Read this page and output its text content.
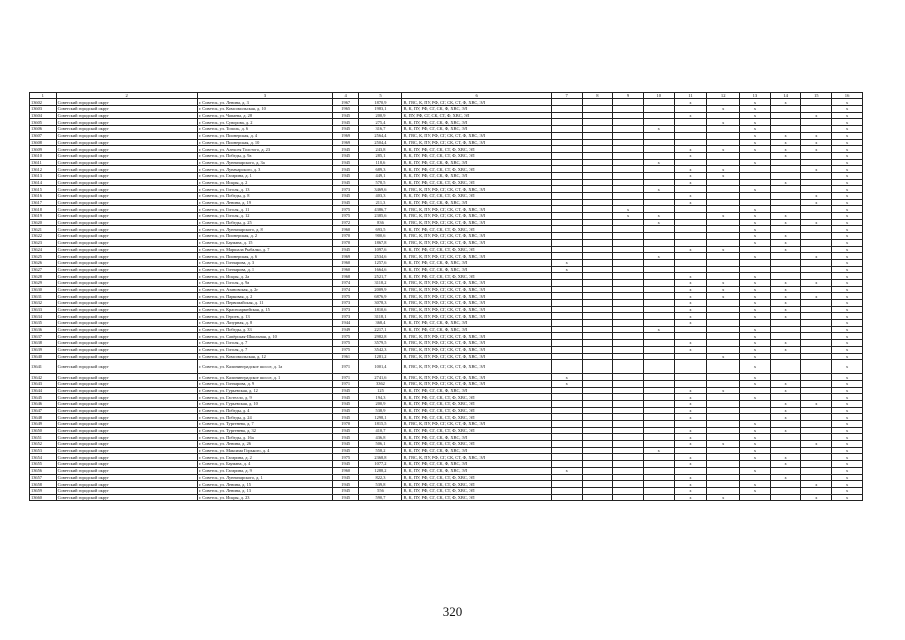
1	2	3	4	5	6	7	8	9	10	11	12	13	14	15	16
13602	Советский городской округ	г. Советск, ул. Ленина, д. 3	1967	1870,9	В, ГВС, К, ПУ, РФ, СГ, СК, СТ, Ф, ХВС, ЭЛ					x		x	x		x
13603	Советский городской округ	г. Советск, ул. Комсомольская, д. 10	1965	1983,1	В, К, ПУ, РФ, СГ, СК, Ф, ХВС, ЭЛ						x	x			x
13604	Советский городской округ	г. Советск, ул. Чапаева, д. 28	1945	200,9	К, ПУ, РФ, СГ, СК, СТ, Ф, ХВС, ЭЛ					x		x		x	x
13605	Советский городской округ	г. Советск, ул. Суворова, д. 2	1945	275,4	В, К, ПУ, РФ, СГ, СК, Ф, ХВС, ЭЛ						x	x			x
13606	Советский городской округ	г. Советск, ул. Тополь, д. 6	1945	316,7	В, К, ПУ, РФ, СГ, СК, Ф, ХВС, ЭЛ				x			x			x
13607	Советский городской округ	г. Советск, ул. Пионерская, д. 4	1969	2564,4	В, ГВС, К, ПУ, РФ, СГ, СК, СТ, Ф, ХВС, ЭЛ							x	x	x	x
13608	Советский городской округ	г. Советск, ул. Пионерская, д. 10	1969	2504,4	В, ГВС, К, ПУ, РФ, СГ, СК, СТ, Ф, ХВС, ЭЛ							x	x	x	x
13609	Советский городской округ	г. Советск, ул. Алексея Толстого, д. 23	1945	243,8	В, К, ПУ, РФ, СГ, СК, СТ, Ф, ХВС, ЭЛ					x	x	x	x	x	x
13610	Советский городской округ	г. Советск, ул. Победы, д. 9а	1945	285,1	В, К, ПУ, РФ, СГ, СК, СТ, Ф, ХВС, ЭЛ					x			x		x
13611	Советский городской округ	г. Советск, ул. Лунначарского, д. 3а	1945	118,6	В, К, ПУ, РФ, СГ, СК, Ф, ХВС, ЭЛ				x			x			x
13612	Советский городской округ	г. Советск, ул. Луначарского, д. 3	1945	689,3	В, К, ПУ, РФ, СГ, СК, СТ, Ф, ХВС, ЭЛ					x	x			x	x
13613	Советский городской округ	г. Советск, ул. Гагарина, д. 1	1945	449,1	В, К, ПУ, РФ, СГ, СК, Ф, ХВС, ЭЛ					x	x				x
13614	Советский городской округ	г. Советск, ул. Искры, д. 2	1945	578,5	В, К, ПУ, РФ, СГ, СК, СТ, Ф, ХВС, ЭЛ					x			x		x
13615	Советский городской округ	г. Советск, ул. Гоголя, д. 13	1973	3469,6	В, ГВС, К, ПУ, РФ, СГ, СК, СТ, Ф, ХВС, ЭЛ				x			x			x
13616	Советский городской округ	г. Советск, ул. Победы, д. 8	1945	403,3	В, К, ПУ, РФ, СГ, СК, СТ, Ф, ХВС, ЭЛ					x				x	x
13617	Советский городской округ	г. Советск, ул. Ленина, д. 19	1945	211,3	В, К, ПУ, РФ, СГ, СК, Ф, ХВС, ЭЛ					x				x	x
13618	Советский городской округ	г. Советск, ул. Гоголя, д. 11	1975	4386,7	В, ГВС, К, ПУ, РФ, СГ, СК, СТ, Ф, ХВС, ЭЛ			x				x			x
13619	Советский городской округ	г. Советск, ул. Гоголя, д. 12	1975	2385,6	В, ГВС, К, ПУ, РФ, СГ, СК, СТ, Ф, ХВС, ЭЛ			x	x		x	x	x		x
13620	Советский городской округ	г. Советск, ул. Победы, д. 25	1972	836	В, ГВС, К, ПУ, РФ, СГ, СК, СТ, Ф, ХВС, ЭЛ				x			x	x	x	x
13621	Советский городской округ	г. Советск, ул. Лунначарского, д. 8	1960	693,5	В, К, ПУ, РФ, СГ, СК, СТ, Ф, ХВС, ЭЛ							x			x
13622	Советский городской округ	г. Советск, ул. Пионерская, д. 2	1970	900,6	В, ГВС, К, ПУ, РФ, СГ, СК, СТ, Ф, ХВС, ЭЛ							x	x		x
13623	Советский городской округ	г. Советск, ул. Баумана, д. 15	1970	1867,8	В, ГВС, К, ПУ, РФ, СГ, СК, СТ, Ф, ХВС, ЭЛ							x	x		x
13624	Советский городской округ	г. Советск, ул. Маршала Рыбалко, д. 7	1945	1097,6	В, К, ПУ, РФ, СГ, СК, СТ, Ф, ХВС, ЭЛ					x	x		x		x
13625	Советский городской округ	г. Советск, ул. Пионерская, д. 6	1969	2534,6	В, ГВС, К, ПУ, РФ, СГ, СК, СТ, Ф, ХВС, ЭЛ				x			x		x	x
13626	Советский городской округ	г. Советск, ул. Гончарова, д. 3	1960	1257,6	В, К, ПУ, РФ, СГ, СК, Ф, ХВС, ЭЛ	x									x
13627	Советский городской округ	г. Советск, ул. Гончарова, д. 1	1960	1664,6	В, К, ПУ, РФ, СГ, СК, Ф, ХВС, ЭЛ	x									x
13628	Советский городской округ	г. Советск, ул. Искры, д. 2а	1968	2521,7	В, К, ПУ, РФ, СГ, СК, СТ, Ф, ХВС, ЭЛ					x		x			x
13629	Советский городской округ	г. Советск, ул. Гоголя, д. 9а	1974	3118,2	В, ГВС, К, ПУ, РФ, СГ, СК, СТ, Ф, ХВС, ЭЛ					x	x	x	x	x	x
13630	Советский городской округ	г. Советск, ул. Азановская, д. 2г	1974	2009,9	В, ГВС, К, ПУ, РФ, СГ, СК, СТ, Ф, ХВС, ЭЛ					x	x	x	x		x
13631	Советский городской округ	г. Советск, ул. Парковая, д. 2	1975	6876,9	В, ГВС, К, ПУ, РФ, СГ, СК, СТ, Ф, ХВС, ЭЛ					x	x	x	x	x	x
13632	Советский городской округ	г. Советск, ул. Первомайская, д. 11	1973	3078,3	В, ГВС, К, ПУ, РФ, СГ, СК, СТ, Ф, ХВС, ЭЛ					x		x	x		x
13633	Советский городской округ	г. Советск, ул. Красноармейская, д. 15	1973	1810,6	В, ГВС, К, ПУ, РФ, СГ, СК, СТ, Ф, ХВС, ЭЛ					x		x	x		x
13634	Советский городской округ	г. Советск, ул. Героев, д. 13	1973	3118,1	В, ГВС, К, ПУ, РФ, СГ, СК, СТ, Ф, ХВС, ЭЛ					x		x	x		x
13635	Советский городской округ	г. Советск, ул. Лазурная, д. 8	1944	368,4	В, К, ПУ, РФ, СГ, СК, Ф, ХВС, ЭЛ					x					x
13636	Советский городской округ	г. Советск, ул. Победы, д. 33	1949	2217,1	В, К, ПУ, РФ, СГ, СК, Ф, ХВС, ЭЛ				x			x			x
13637	Советский городской округ	г. Советск, ул. Сапёрская-Школьная, д. 10	1975	2982,8	В, ГВС, К, ПУ, РФ, СГ, СК, СТ, Ф, ХВС, ЭЛ							x			x
13638	Советский городской округ	г. Советск, ул. Гоголя, д. 7	1975	3579,5	В, ГВС, К, ПУ, РФ, СГ, СК, СТ, Ф, ХВС, ЭЛ					x		x	x		x
13639	Советский городской округ	г. Советск, ул. Гоголя, д. 7	1975	3542,3	В, ГВС, К, ПУ, РФ, СГ, СК, СТ, Ф, ХВС, ЭЛ					x		x	x		x
13640	Советский городской округ	г. Советск, ул. Комсомольская, д. 12	1961	1281,2	В, ГВС, К, ПУ, РФ, СГ, СК, СТ, Ф, ХВС, ЭЛ						x	x			x
13641	Советский городской округ	г. Советск, ул. Калининградское шоссе, д. 1а	1971	1001,4	В, ГВС, К, ПУ, РФ, СГ, СК, СТ, Ф, ХВС, ЭЛ							x			x
13642	Советский городской округ	г. Советск, ул. Калининградское шоссе, д. 1	1971	2741,6	В, ГВС, К, ПУ, РФ, СГ, СК, СТ, Ф, ХВС, ЭЛ	x						x			x
13643	Советский городской округ	г. Советск, ул. Гончарова, д. 9	1971	3362	В, ГВС, К, ПУ, РФ, СГ, СК, СТ, Ф, ХВС, ЭЛ	x						x	x		x
13644	Советский городской округ	г. Советск, ул. Гурьевская, д. 12	1945	125	В, К, ПУ, РФ, СГ, СК, Ф, ХВС, ЭЛ					x	x		x		x
13645	Советский городской округ	г. Советск, ул. Гастелло, д. 9	1945	194,3	В, К, ПУ, РФ, СГ, СК, СТ, Ф, ХВС, ЭЛ					x		x			x
13646	Советский городской округ	г. Советск, ул. Гурьевская, д. 10	1945	200,9	В, К, ПУ, РФ, СГ, СК, СТ, Ф, ХВС, ЭЛ					x			x	x	x
13647	Советский городской округ	г. Советск, ул. Победы, д. 4	1945	538,9	В, К, ПУ, РФ, СГ, СК, СТ, Ф, ХВС, ЭЛ					x			x		x
13648	Советский городской округ	г. Советск, ул. Победы, д. 24	1945	1298,1	В, К, ПУ, РФ, СГ, СК, СТ, Ф, ХВС, ЭЛ					x			x		x
13649	Советский городской округ	г. Советск, ул. Тургенева, д. 7	1970	1815,5	В, ГВС, К, ПУ, РФ, СГ, СК, СТ, Ф, ХВС, ЭЛ							x			x
13650	Советский городской округ	г. Советск, ул. Тургенева, д. 32	1945	410,7	В, К, ПУ, РФ, СГ, СК, СТ, Ф, ХВС, ЭЛ					x		x	x		x
13651	Советский городской округ	г. Советск, ул. Победы, д. 16а	1945	436,8	В, К, ПУ, РФ, СГ, СК, Ф, ХВС, ЭЛ					x		x			x
13652	Советский городской округ	г. Советск, ул. Ленина, д. 26	1945	506,1	В, К, ПУ, РФ, СГ, СК, СТ, Ф, ХВС, ЭЛ					x	x	x		x	x
13653	Советский городской округ	г. Советск, ул. Максима Горького, д. 4	1945	558,2	В, К, ПУ, РФ, СГ, СК, Ф, ХВС, ЭЛ				x			x			x
13654	Советский городской округ	г. Советск, ул. Гагарина, д. 2	1975	2368,8	В, ГВС, К, ПУ, РФ, СГ, СК, СТ, Ф, ХВС, ЭЛ					x		x	x		x
13655	Советский городской округ	г. Советск, ул. Баумана, д. 4	1945	1077,2	В, К, ПУ, РФ, СГ, СК, Ф, ХВС, ЭЛ					x			x		x
13656	Советский городской округ	г. Советск, ул. Гагарина, д. 9	1960	1288,2	В, К, ПУ, РФ, СГ, СК, Ф, ХВС, ЭЛ	x						x			x
13657	Советский городской округ	г. Советск, ул. Лунначарского, д. 1	1945	822,3	В, К, ПУ, РФ, СГ, СК, СТ, Ф, ХВС, ЭЛ					x			x		x
13658	Советский городской округ	г. Советск, ул. Ленина, д. 15	1945	539,8	В, К, ПУ, РФ, СГ, СК, СТ, Ф, ХВС, ЭЛ					x		x		x	x
13659	Советский городской округ	г. Советск, ул. Ленина, д. 13	1945	556	В, К, ПУ, РФ, СГ, СК, СТ, Ф, ХВС, ЭЛ					x		x			x
13660	Советский городской округ	г. Советск, ул. Искры, д. 23	1945	590,7	В, К, ПУ, РФ, СГ, СК, СТ, Ф, ХВС, ЭЛ					x	x			x	x
320
